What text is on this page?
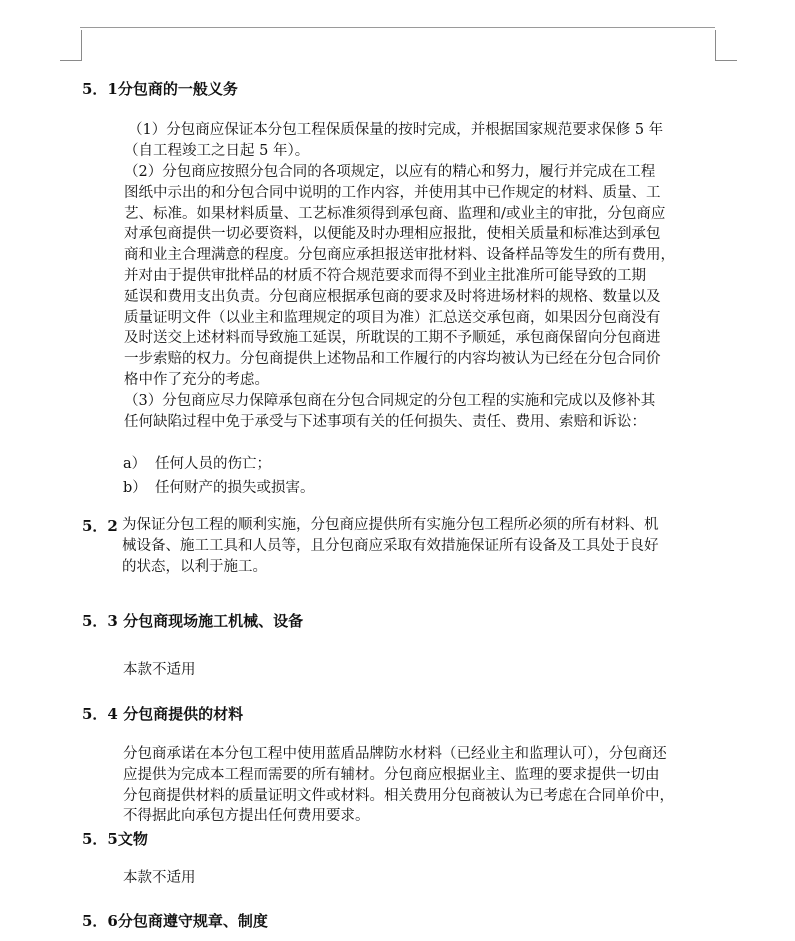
5．1分包商的一般义务
（1）分包商应保证本分包工程保质保量的按时完成，并根据国家规范要求保修 5 年
（自工程竣工之日起 5 年）。
（2）分包商应按照分包合同的各项规定，以应有的精心和努力，履行并完成在工程
图纸中示出的和分包合同中说明的工作内容，并使用其中已作规定的材料、质量、工
艺、标准。如果材料质量、工艺标准须得到承包商、监理和/或业主的审批，分包商应
对承包商提供一切必要资料，以便能及时办理相应报批，使相关质量和标准达到承包
商和业主合理满意的程度。分包商应承担报送审批材料、设备样品等发生的所有费用，
并对由于提供审批样品的材质不符合规范要求而得不到业主批准所可能导致的工期
延误和费用支出负责。分包商应根据承包商的要求及时将进场材料的规格、数量以及
质量证明文件（以业主和监理规定的项目为准）汇总送交承包商，如果因分包商没有
及时送交上述材料而导致施工延误，所耽误的工期不予顺延，承包商保留向分包商进
一步索赔的权力。分包商提供上述物品和工作履行的内容均被认为已经在分包合同价
格中作了充分的考虑。
（3）分包商应尽力保障承包商在分包合同规定的分包工程的实施和完成以及修补其
任何缺陷过程中免于承受与下述事项有关的任何损失、责任、费用、索赔和诉讼：
a） 任何人员的伤亡；
b） 任何财产的损失或损害。
5．2 为保证分包工程的顺利实施，分包商应提供所有实施分包工程所必须的所有材料、机
械设备、施工工具和人员等，且分包商应采取有效措施保证所有设备及工具处于良好
的状态，以利于施工。
5．3 分包商现场施工机械、设备
本款不适用
5．4 分包商提供的材料
分包商承诺在本分包工程中使用蓝盾品牌防水材料（已经业主和监理认可），分包商还
应提供为完成本工程而需要的所有辅材。分包商应根据业主、监理的要求提供一切由
分包商提供材料的质量证明文件或材料。相关费用分包商被认为已考虑在合同单价中，
不得据此向承包方提出任何费用要求。
5．5文物
本款不适用
5．6分包商遵守规章、制度
